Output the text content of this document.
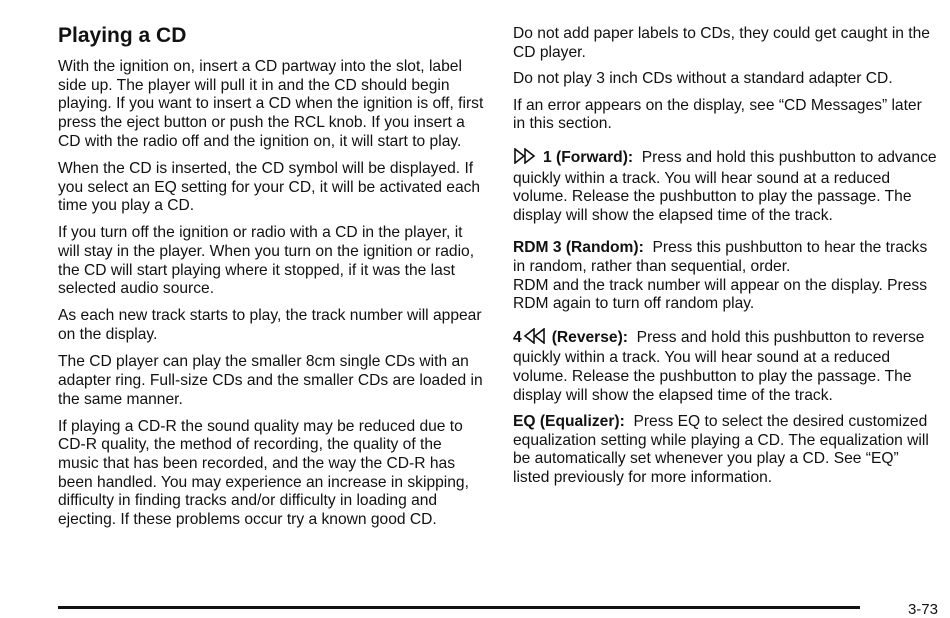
Playing a CD

With the ignition on, insert a CD partway into the slot, label side up. The player will pull it in and the CD should begin playing. If you want to insert a CD when the ignition is off, first press the eject button or push the RCL knob. If you insert a CD with the radio off and the ignition on, it will start to play.

When the CD is inserted, the CD symbol will be displayed. If you select an EQ setting for your CD, it will be activated each time you play a CD.

If you turn off the ignition or radio with a CD in the player, it will stay in the player. When you turn on the ignition or radio, the CD will start playing where it stopped, if it was the last selected audio source.

As each new track starts to play, the track number will appear on the display.

The CD player can play the smaller 8cm single CDs with an adapter ring. Full-size CDs and the smaller CDs are loaded in the same manner.

If playing a CD-R the sound quality may be reduced due to CD-R quality, the method of recording, the quality of the music that has been recorded, and the way the CD-R has been handled. You may experience an increase in skipping, difficulty in finding tracks and/or difficulty in loading and ejecting. If these problems occur try a known good CD.

Do not add paper labels to CDs, they could get caught in the CD player.

Do not play 3 inch CDs without a standard adapter CD.

If an error appears on the display, see “CD Messages” later in this section.

1 (Forward): Press and hold this pushbutton to advance quickly within a track. You will hear sound at a reduced volume. Release the pushbutton to play the passage. The display will show the elapsed time of the track.

RDM 3 (Random): Press this pushbutton to hear the tracks in random, rather than sequential, order.

RDM and the track number will appear on the display. Press RDM again to turn off random play.

4 (Reverse): Press and hold this pushbutton to reverse quickly within a track. You will hear sound at a reduced volume. Release the pushbutton to play the passage. The display will show the elapsed time of the track.

EQ (Equalizer): Press EQ to select the desired customized equalization setting while playing a CD. The equalization will be automatically set whenever you play a CD. See “EQ” listed previously for more information.

3-73
